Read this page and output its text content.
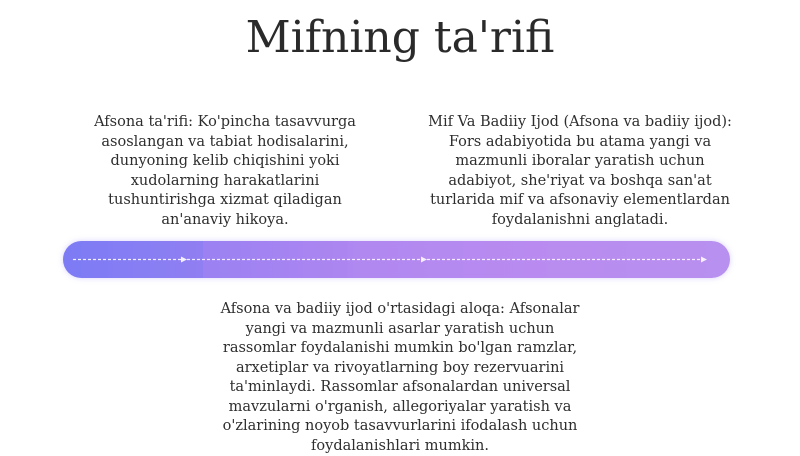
Mifning ta'rifi
Afsona ta'rifi: Ko'pincha tasavvurga asoslangan va tabiat hodisalarini, dunyoning kelib chiqishini yoki xudolarning harakatlarini tushuntirishga xizmat qiladigan an'anaviy hikoya.
Mif Va Badiiy Ijod (Afsona va badiiy ijod): Fors adabiyotida bu atama yangi va mazmunli iboralar yaratish uchun adabiyot, she'riyat va boshqa san'at turlarida mif va afsonaviy elementlardan foydalanishni anglatadi.
Afsona va badiiy ijod o'rtasidagi aloqa: Afsonalar yangi va mazmunli asarlar yaratish uchun rassomlar foydalanishi mumkin bo'lgan ramzlar, arxetiplar va rivoyatlarning boy rezervuarini ta'minlaydi. Rassomlar afsonalardan universal mavzularni o'rganish, allegoriyalar yaratish va o'zlarining noyob tasavvurlarini ifodalash uchun foydalanishlari mumkin.
